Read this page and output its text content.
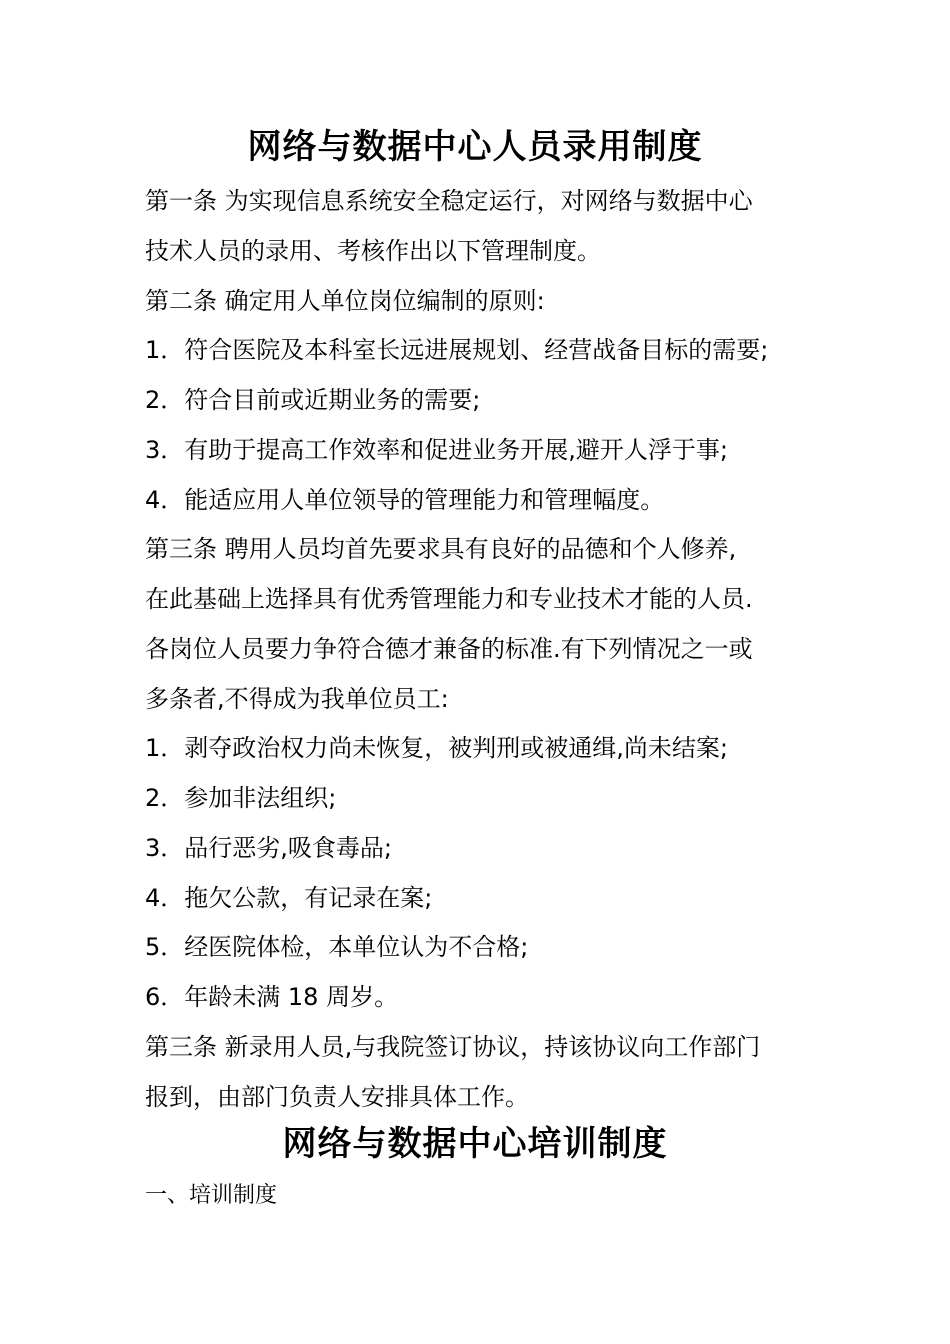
网络与数据中心人员录用制度

第一条 为实现信息系统安全稳定运行，对网络与数据中心

技术人员的录用、考核作出以下管理制度。

第二条 确定用人单位岗位编制的原则:

1．符合医院及本科室长远进展规划、经营战备目标的需要;

2．符合目前或近期业务的需要;

3．有助于提高工作效率和促进业务开展,避开人浮于事;

4．能适应用人单位领导的管理能力和管理幅度。

第三条 聘用人员均首先要求具有良好的品德和个人修养,

在此基础上选择具有优秀管理能力和专业技术才能的人员.

各岗位人员要力争符合德才兼备的标准.有下列情况之一或

多条者,不得成为我单位员工:

1．剥夺政治权力尚未恢复，被判刑或被通缉,尚未结案;

2．参加非法组织;

3．品行恶劣,吸食毒品;

4．拖欠公款，有记录在案;

5．经医院体检，本单位认为不合格;

6．年龄未满 18 周岁。

第三条 新录用人员,与我院签订协议，持该协议向工作部门

报到，由部门负责人安排具体工作。

网络与数据中心培训制度

一、培训制度
